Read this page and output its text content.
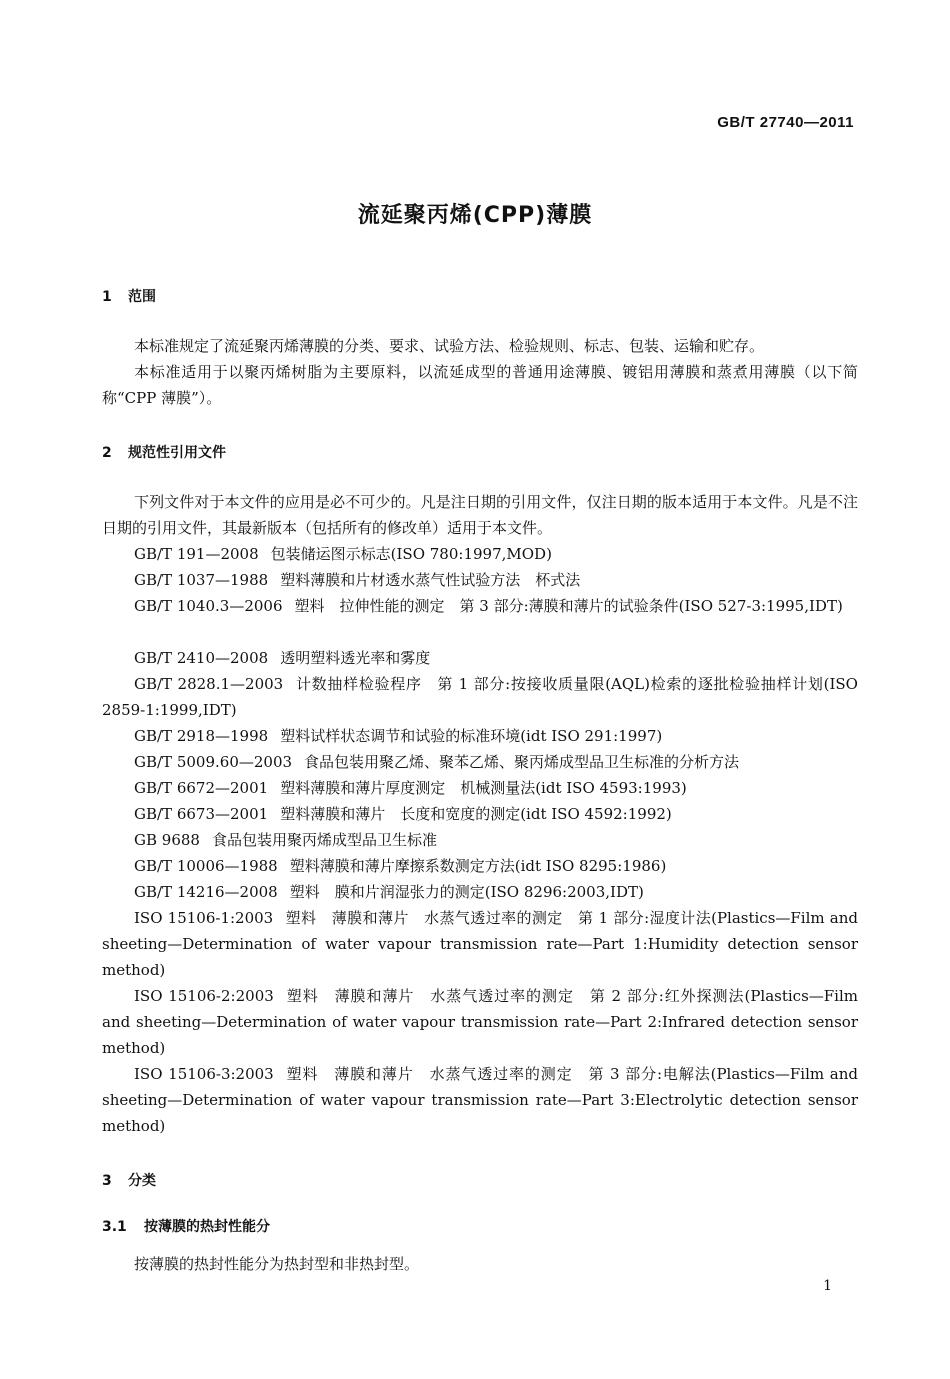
GB/T 27740—2011
流延聚丙烯(CPP)薄膜
1 范围

本标准规定了流延聚丙烯薄膜的分类、要求、试验方法、检验规则、标志、包装、运输和贮存。

本标准适用于以聚丙烯树脂为主要原料，以流延成型的普通用途薄膜、镀铝用薄膜和蒸煮用薄膜（以下简称“CPP 薄膜”）。

2 规范性引用文件

下列文件对于本文件的应用是必不可少的。凡是注日期的引用文件，仅注日期的版本适用于本文件。凡是不注日期的引用文件，其最新版本（包括所有的修改单）适用于本文件。

GB/T 191—2008 包装储运图示标志(ISO 780:1997,MOD)

GB/T 1037—1988 塑料薄膜和片材透水蒸气性试验方法　杯式法

GB/T 1040.3—2006 塑料　拉伸性能的测定　第 3 部分:薄膜和薄片的试验条件(ISO 527-3:1995,IDT)

GB/T 2410—2008 透明塑料透光率和雾度

GB/T 2828.1—2003 计数抽样检验程序　第 1 部分:按接收质量限(AQL)检索的逐批检验抽样计划(ISO 2859-1:1999,IDT)

GB/T 2918—1998 塑料试样状态调节和试验的标准环境(idt ISO 291:1997)

GB/T 5009.60—2003 食品包装用聚乙烯、聚苯乙烯、聚丙烯成型品卫生标准的分析方法

GB/T 6672—2001 塑料薄膜和薄片厚度测定　机械测量法(idt ISO 4593:1993)

GB/T 6673—2001 塑料薄膜和薄片　长度和宽度的测定(idt ISO 4592:1992)

GB 9688 食品包装用聚丙烯成型品卫生标准

GB/T 10006—1988 塑料薄膜和薄片摩擦系数测定方法(idt ISO 8295:1986)

GB/T 14216—2008 塑料　膜和片润湿张力的测定(ISO 8296:2003,IDT)

ISO 15106-1:2003 塑料　薄膜和薄片　水蒸气透过率的测定　第 1 部分:湿度计法(Plastics—Film and sheeting—Determination of water vapour transmission rate—Part 1:Humidity detection sensor method)

ISO 15106-2:2003 塑料　薄膜和薄片　水蒸气透过率的测定　第 2 部分:红外探测法(Plastics—Film and sheeting—Determination of water vapour transmission rate—Part 2:Infrared detection sensor method)

ISO 15106-3:2003 塑料　薄膜和薄片　水蒸气透过率的测定　第 3 部分:电解法(Plastics—Film and sheeting—Determination of water vapour transmission rate—Part 3:Electrolytic detection sensor method)

3 分类
3.1 按薄膜的热封性能分

按薄膜的热封性能分为热封型和非热封型。

1
